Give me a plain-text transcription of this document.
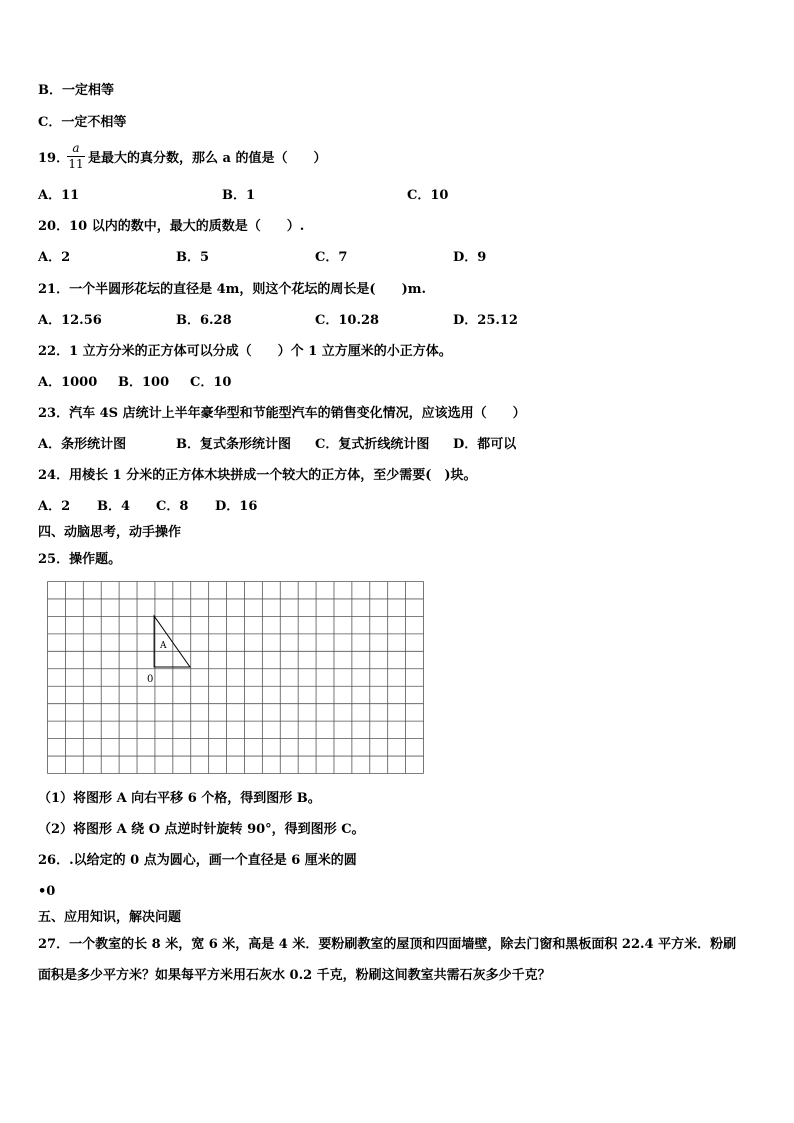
B．一定相等
C．一定不相等
19．
a
11 是最大的真分数，那么 a 的值是（　　）
A．11	B．1	C．10
20．10 以内的数中，最大的质数是（　　）.
A．2	B．5	C．7	D．9
21．一个半圆形花坛的直径是 4m，则这个花坛的周长是(　　)m.
A．12.56	B．6.28	C．10.28	D．25.12
22．1 立方分米的正方体可以分成（　　）个 1 立方厘米的小正方体。
A．1000 B．100 C．10
23．汽车 4S 店统计上半年豪华型和节能型汽车的销售变化情况，应该选用（　　）
A．条形统计图	B．复式条形统计图 C．复式折线统计图 D．都可以
24．用棱长 1 分米的正方体木块拼成一个较大的正方体，至少需要(　)块。
A．2 B．4 C．8 D．16
四、动脑思考，动手操作
25．操作题。
A
0
（1）将图形 A 向右平移 6 个格，得到图形 B。
（2）将图形 A 绕 O 点逆时针旋转 90°，得到图形 C。
26．.以给定的 0 点为圆心，画一个直径是 6 厘米的圆
•0
五、应用知识，解决问题
27．一个教室的长 8 米，宽 6 米，高是 4 米．要粉刷教室的屋顶和四面墙壁，除去门窗和黑板面积 22.4 平方米．粉刷
面积是多少平方米？如果每平方米用石灰水 0.2 千克，粉刷这间教室共需石灰多少千克？
